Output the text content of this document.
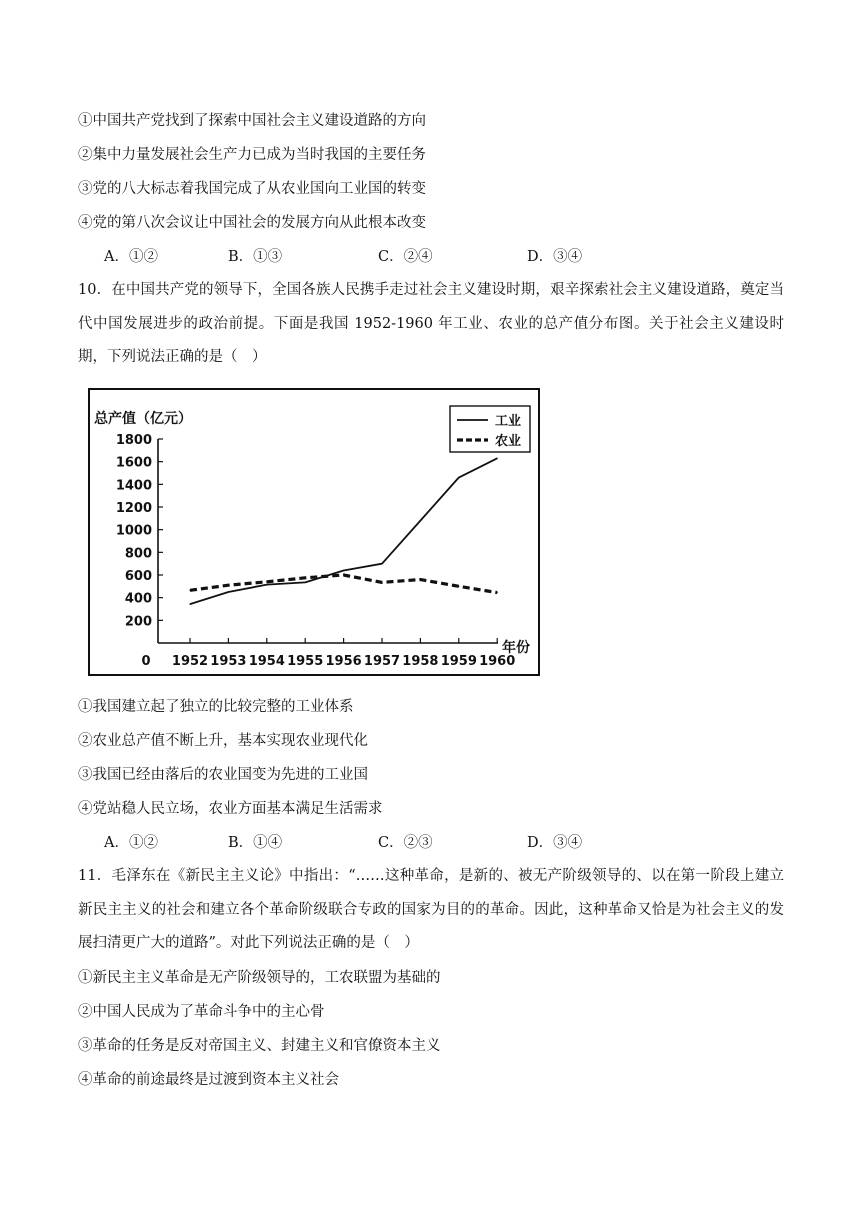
①中国共产党找到了探索中国社会主义建设道路的方向
②集中力量发展社会生产力已成为当时我国的主要任务
③党的八大标志着我国完成了从农业国向工业国的转变
④党的第八次会议让中国社会的发展方向从此根本改变
A．①②	B．①③	C．②④	D．③④
10．在中国共产党的领导下，全国各族人民携手走过社会主义建设时期，艰辛探索社会主义建设道路，奠定当代中国发展进步的政治前提。下面是我国 1952-1960 年工业、农业的总产值分布图。关于社会主义建设时期，下列说法正确的是（　）
1800
1600
1400
1200
1000
800
600
400
200
0 1952 1953 1954 1955 1956 1957 1958 1959 1960
总产值（亿元）
年份
工业
农业
①我国建立起了独立的比较完整的工业体系
②农业总产值不断上升，基本实现农业现代化
③我国已经由落后的农业国变为先进的工业国
④党站稳人民立场，农业方面基本满足生活需求
A．①②	B．①④	C．②③	D．③④
11．毛泽东在《新民主主义论》中指出：“……这种革命，是新的、被无产阶级领导的、以在第一阶段上建立新民主主义的社会和建立各个革命阶级联合专政的国家为目的的革命。因此，这种革命又恰是为社会主义的发展扫清更广大的道路”。对此下列说法正确的是（　）
①新民主主义革命是无产阶级领导的，工农联盟为基础的
②中国人民成为了革命斗争中的主心骨
③革命的任务是反对帝国主义、封建主义和官僚资本主义
④革命的前途最终是过渡到资本主义社会
